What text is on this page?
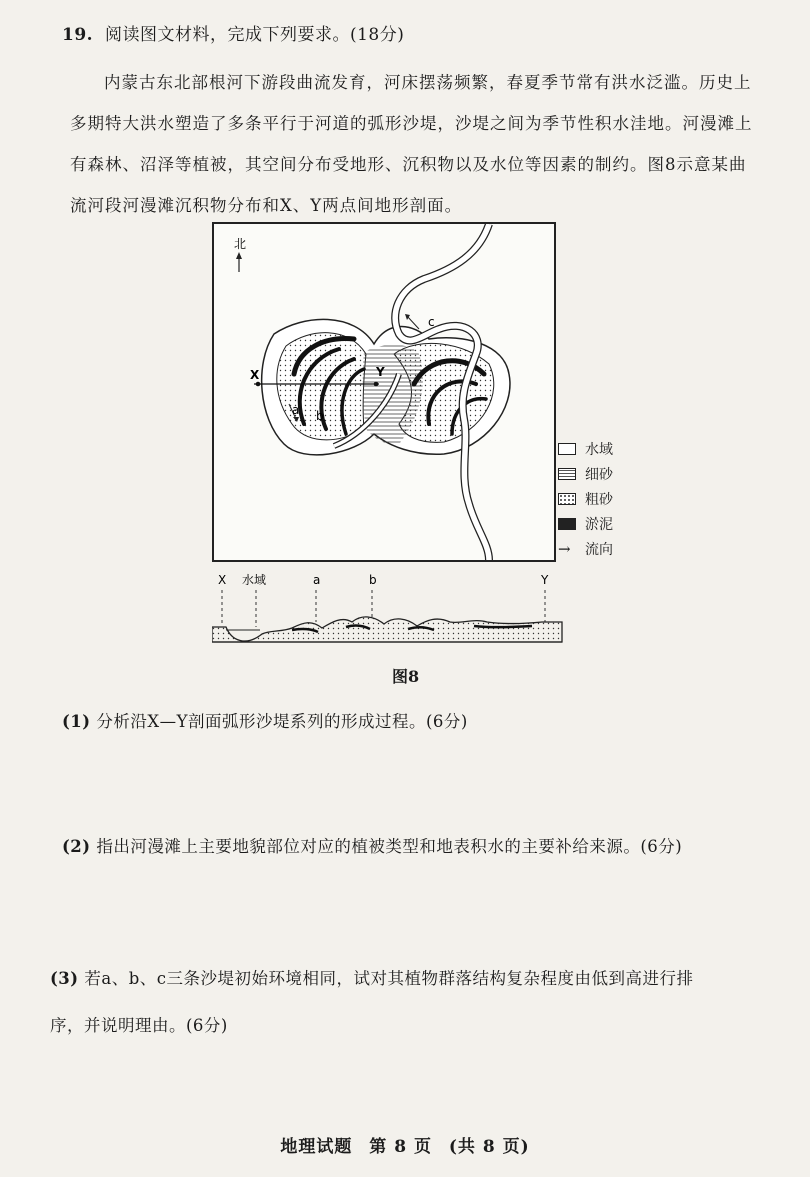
19. 阅读图文材料，完成下列要求。(18分)
内蒙古东北部根河下游段曲流发育，河床摆荡频繁，春夏季节常有洪水泛滥。历史上多期特大洪水塑造了多条平行于河道的弧形沙堤，沙堤之间为季节性积水洼地。河漫滩上有森林、沼泽等植被，其空间分布受地形、沉积物以及水位等因素的制约。图8示意某曲流河段河漫滩沉积物分布和X、Y两点间地形剖面。
北
X	Y
a b
c
水域
细砂
粗砂
淤泥
→	流向
X 水域	a	b	Y
图8
(1) 分析沿X—Y剖面弧形沙堤系列的形成过程。(6分)
(2) 指出河漫滩上主要地貌部位对应的植被类型和地表积水的主要补给来源。(6分)
(3) 若a、b、c三条沙堤初始环境相同，试对其植物群落结构复杂程度由低到高进行排
序，并说明理由。(6分)
地理试题 第 8 页 (共 8 页)
